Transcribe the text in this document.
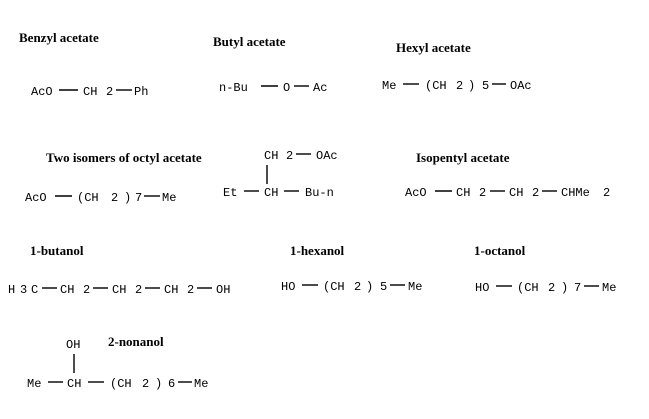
Benzyl acetate
AcO	CH 2 Ph
Butyl acetate
n-Bu	O Ac
Hexyl acetate
Me (CH 2 ) 5 OAc
Two isomers of octyl acetate
AcO	(CH 2 ) 7 Me
CH 2 OAc
Et CH Bu-n
Isopentyl acetate
AcO CH 2 CH 2 CHMe 2
1-butanol
H 3 C CH 2 CH 2 CH 2 OH
1-hexanol
HO (CH 2 ) 5 Me
1-octanol
HO (CH 2 ) 7 Me
2-nonanol
OH
Me CH (CH 2 ) 6 Me
